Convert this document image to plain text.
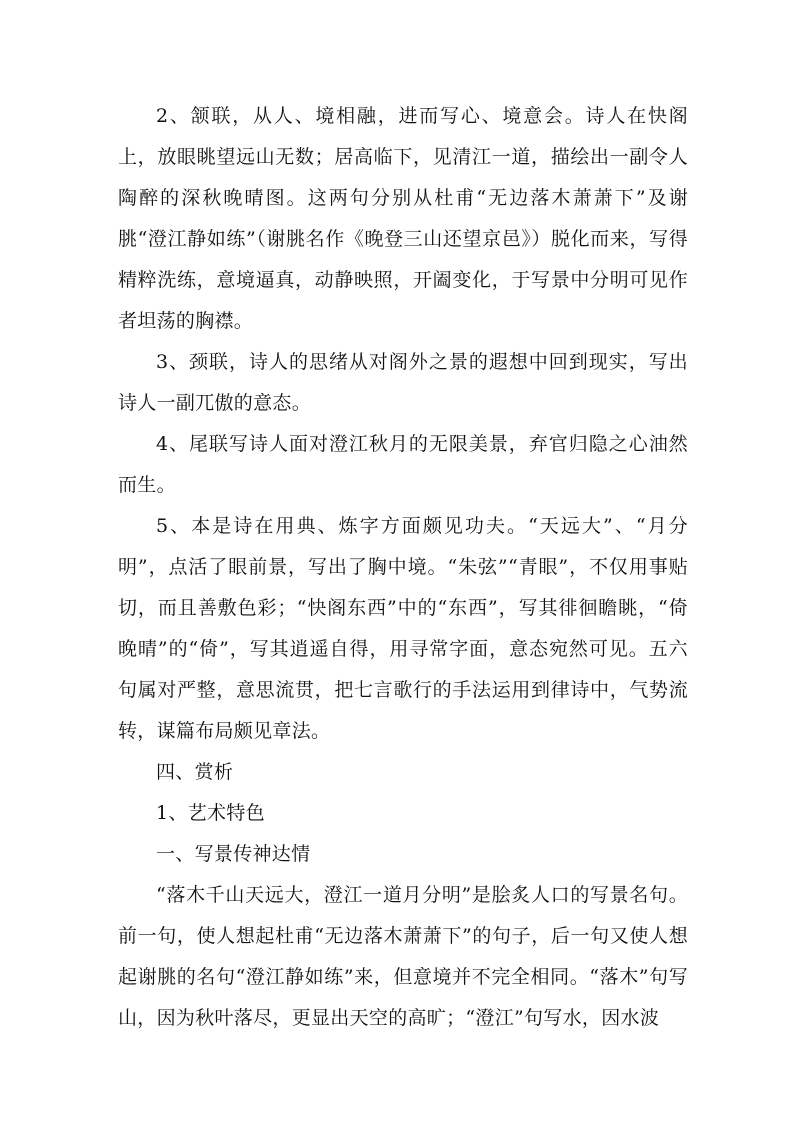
2、颔联，从人、境相融，进而写心、境意会。诗人在快阁上，放眼眺望远山无数；居高临下，见清江一道，描绘出一副令人陶醉的深秋晚晴图。这两句分别从杜甫“无边落木萧萧下”及谢朓“澄江静如练”（谢朓名作《晚登三山还望京邑》）脱化而来，写得精粹洗练，意境逼真，动静映照，开阖变化，于写景中分明可见作者坦荡的胸襟。

3、颈联，诗人的思绪从对阁外之景的遐想中回到现实，写出诗人一副兀傲的意态。

4、尾联写诗人面对澄江秋月的无限美景，弃官归隐之心油然而生。

5、本是诗在用典、炼字方面颇见功夫。“天远大”、“月分明”，点活了眼前景，写出了胸中境。“朱弦”“青眼”，不仅用事贴切，而且善敷色彩；“快阁东西”中的“东西”，写其徘徊瞻眺，“倚晚晴”的“倚”，写其逍遥自得，用寻常字面，意态宛然可见。五六句属对严整，意思流贯，把七言歌行的手法运用到律诗中，气势流转，谋篇布局颇见章法。

四、赏析

1、艺术特色

一、写景传神达情

“落木千山天远大，澄江一道月分明”是脍炙人口的写景名句。前一句，使人想起杜甫“无边落木萧萧下”的句子，后一句又使人想起谢朓的名句“澄江静如练”来，但意境并不完全相同。“落木”句写山，因为秋叶落尽，更显出天空的高旷；“澄江”句写水，因水波
